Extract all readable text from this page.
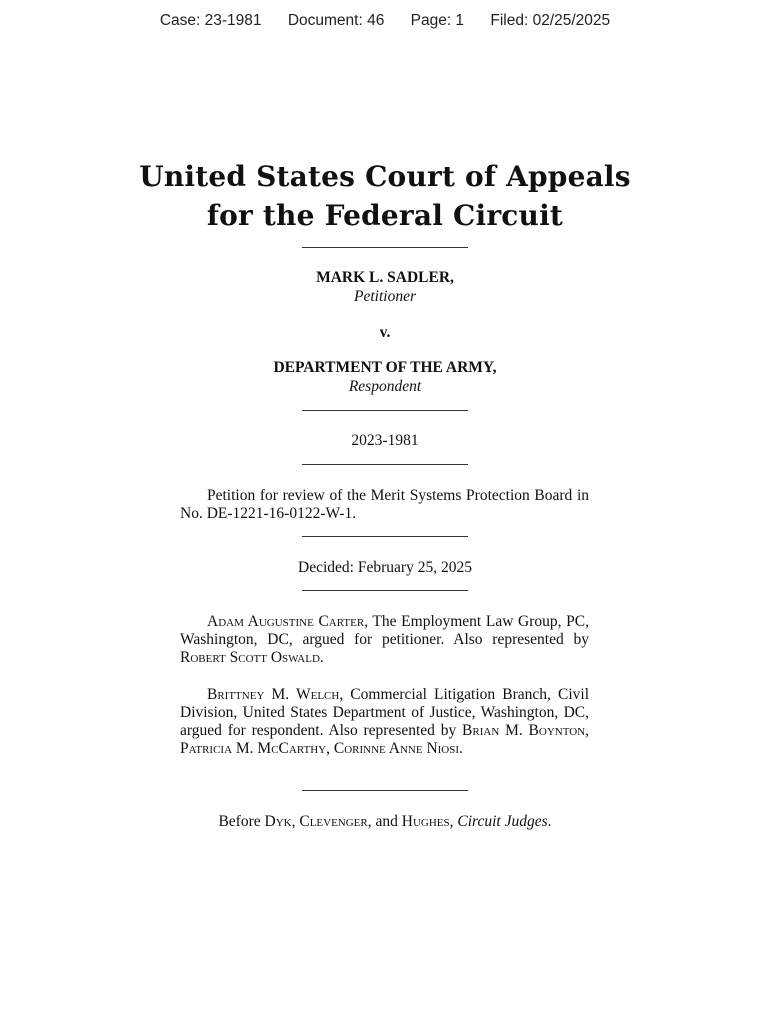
Case: 23-1981 Document: 46 Page: 1 Filed: 02/25/2025
United States Court of Appeals
for the Federal Circuit
MARK L. SADLER,
Petitioner
v.
DEPARTMENT OF THE ARMY,
Respondent
2023-1981
Petition for review of the Merit Systems Protection Board in No. DE-1221-16-0122-W-1.
Decided: February 25, 2025
Adam Augustine Carter, The Employment Law Group, PC, Washington, DC, argued for petitioner. Also represented by Robert Scott Oswald.
Brittney M. Welch, Commercial Litigation Branch, Civil Division, United States Department of Justice, Washington, DC, argued for respondent. Also represented by Brian M. Boynton, Patricia M. McCarthy, Corinne Anne Niosi.
Before Dyk, Clevenger, and Hughes, Circuit Judges.
